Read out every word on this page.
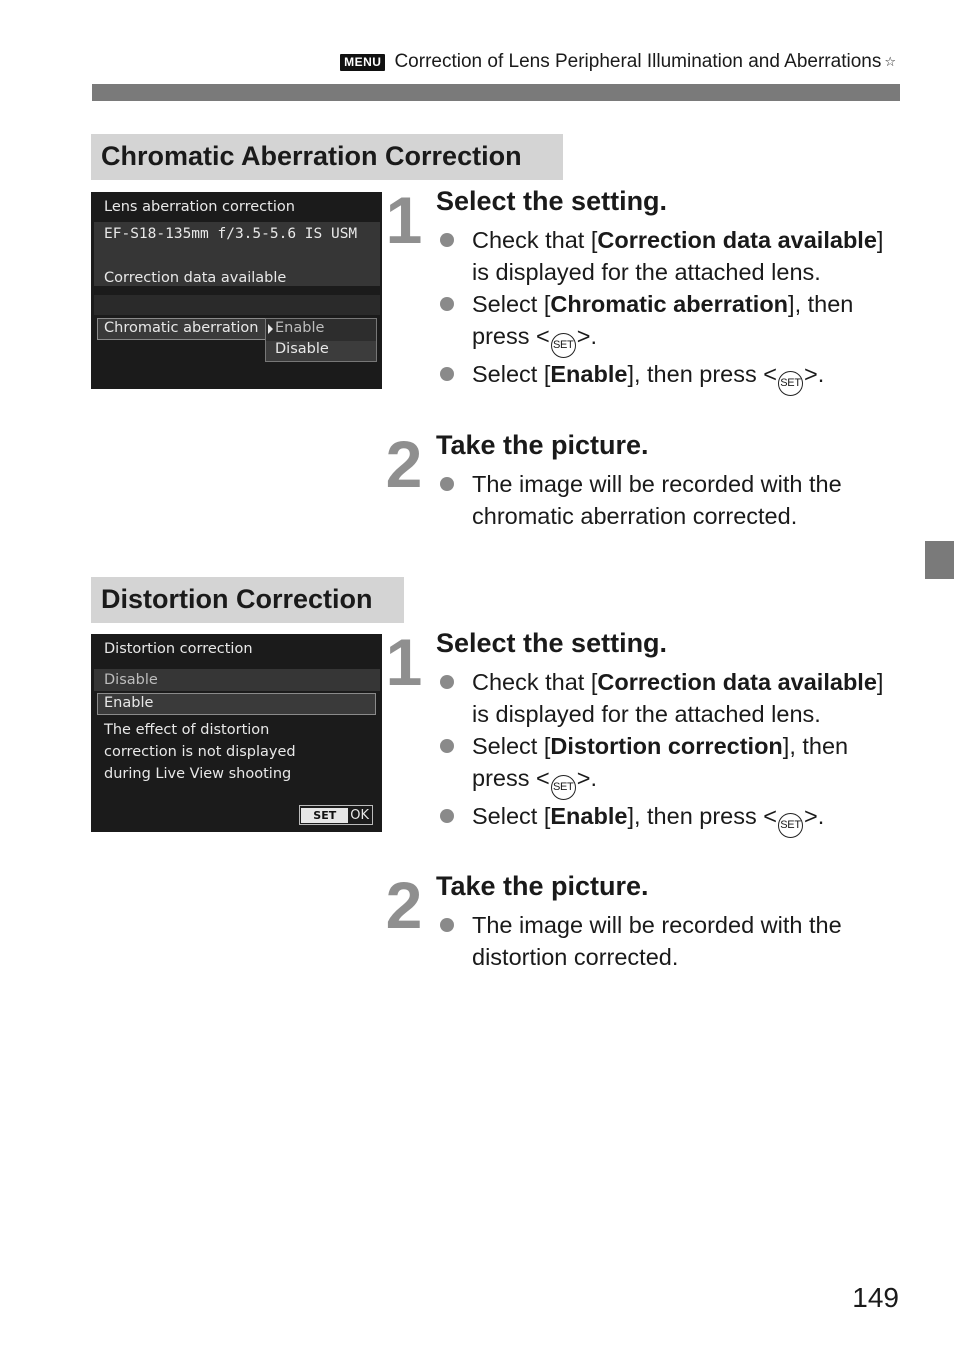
MENU Correction of Lens Peripheral Illumination and Aberrations ☆
Chromatic Aberration Correction
Lens aberration correction
EF-S18-135mm f/3.5-5.6 IS USM
Correction data available
Chromatic aberration	Enable
Disable
1 Select the setting.
Check that [Correction data available] is displayed for the attached lens.
Select [Chromatic aberration], then press < SET >.
Select [Enable], then press < SET >.
2 Take the picture.
The image will be recorded with the chromatic aberration corrected.
Distortion Correction
Distortion correction
Disable
Enable
The effect of distortion
correction is not displayed
during Live View shooting
SET	OK
1 Select the setting.
Check that [Correction data available] is displayed for the attached lens.
Select [Distortion correction], then press < SET >.
Select [Enable], then press < SET >.
2 Take the picture.
The image will be recorded with the distortion corrected.
149
